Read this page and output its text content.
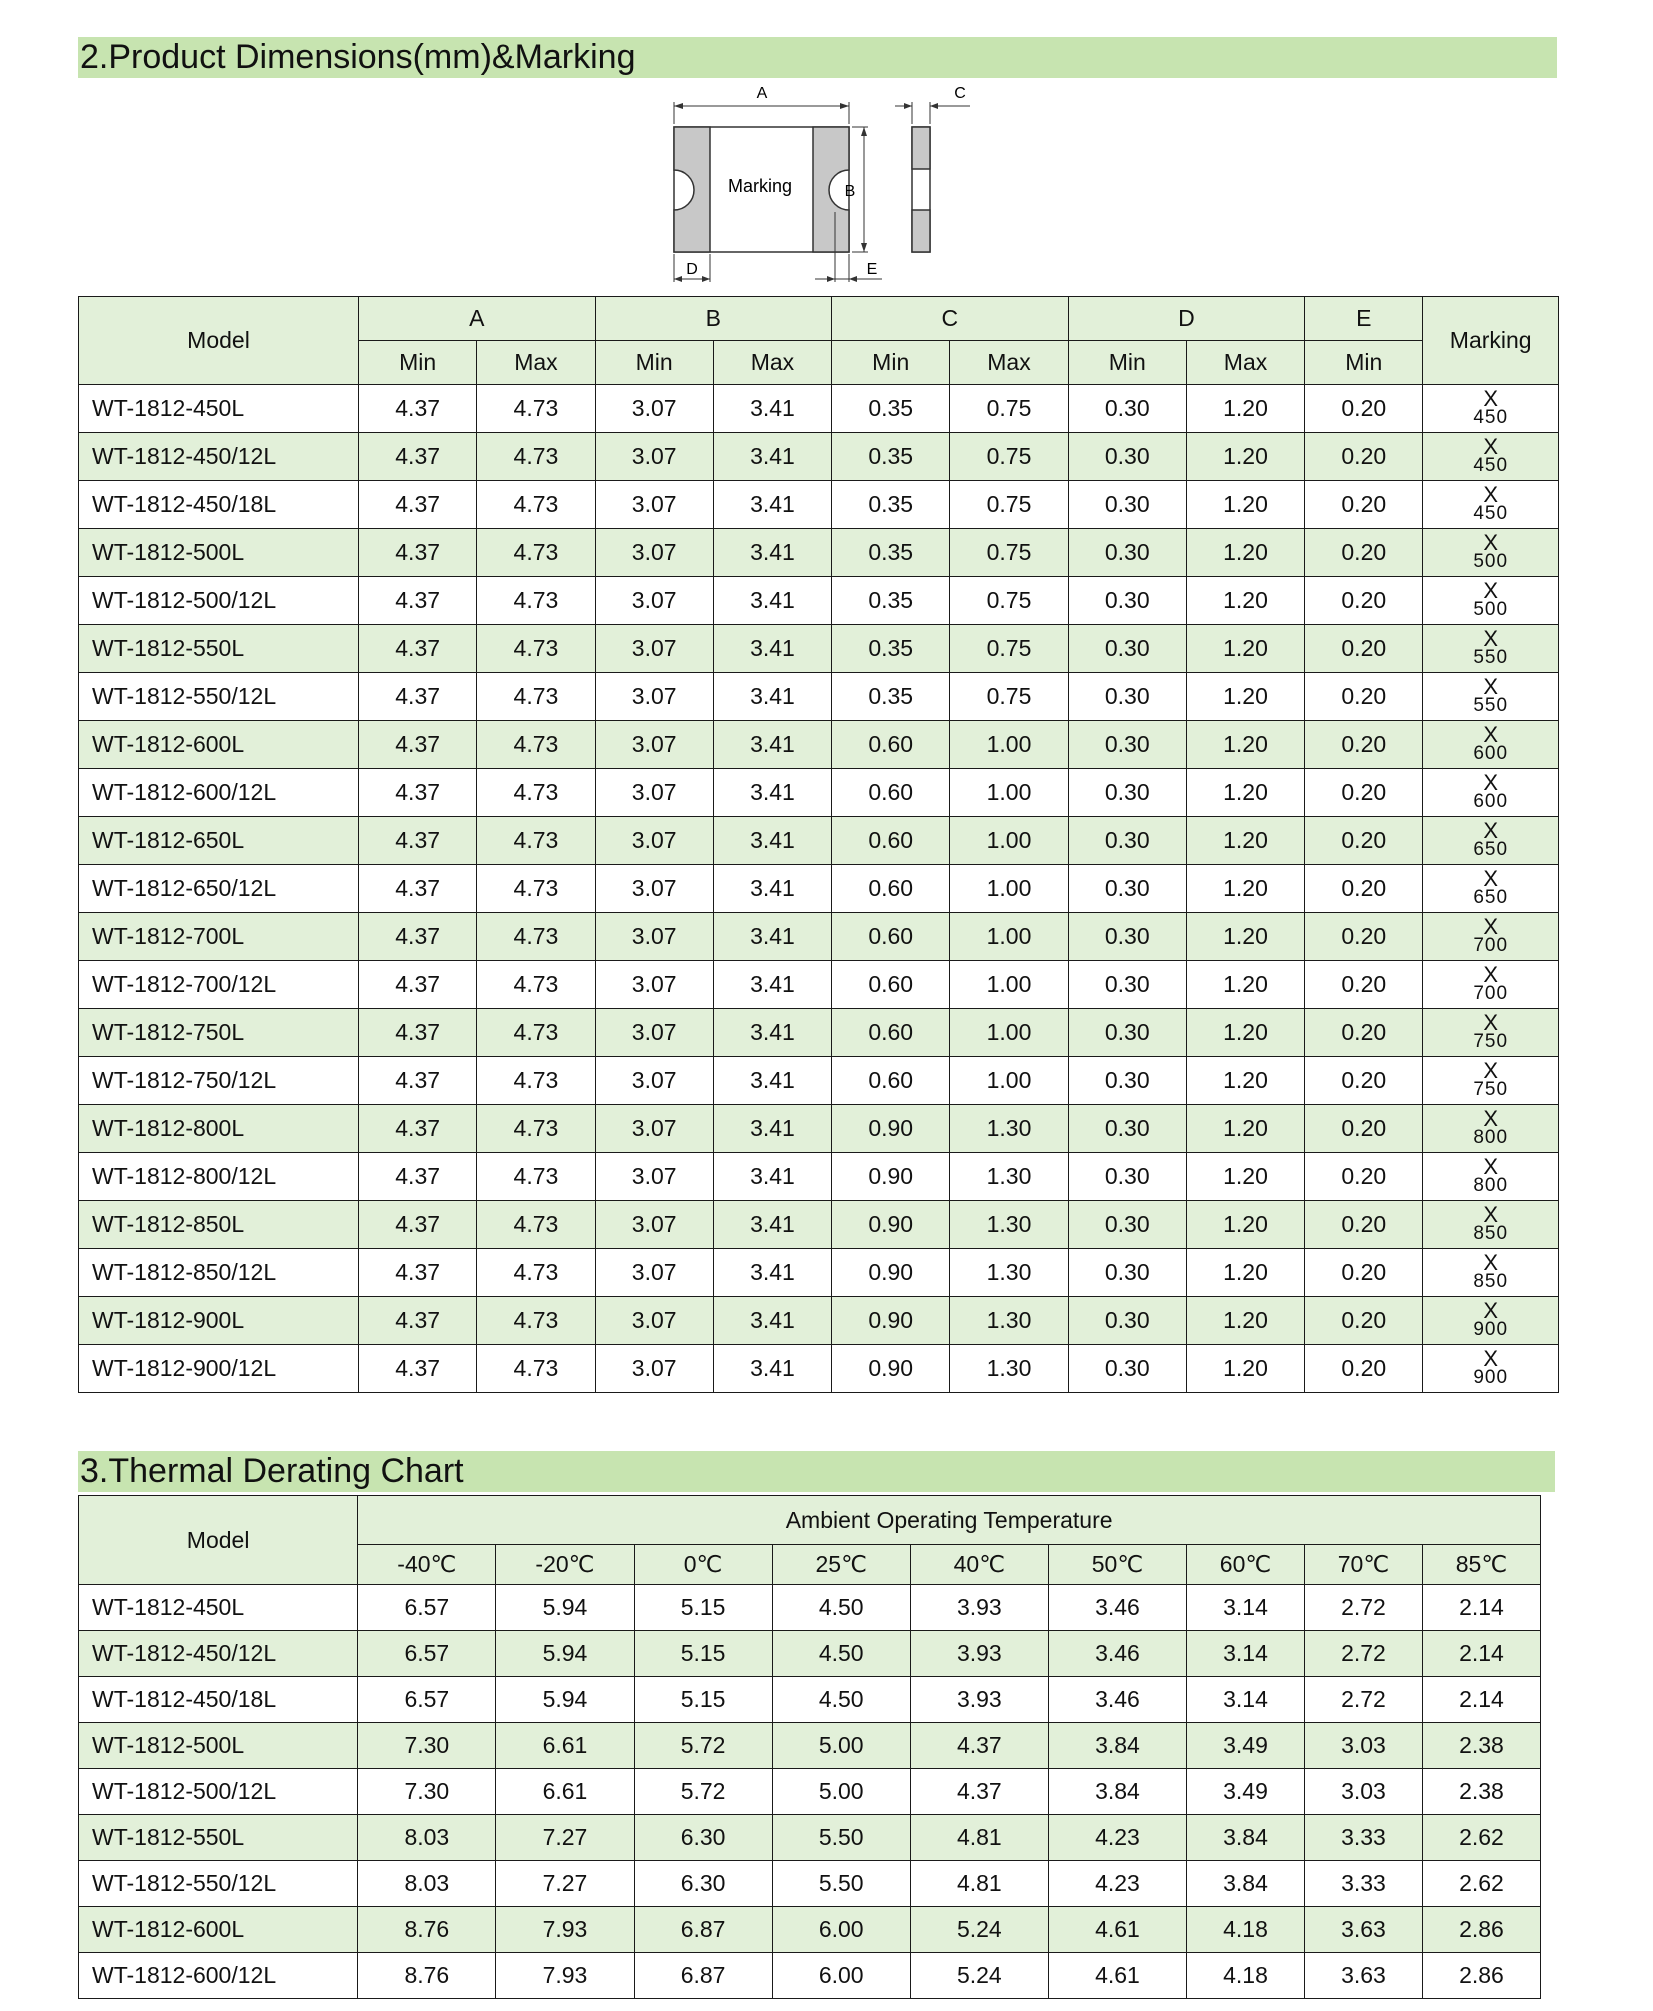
2.Product Dimensions(mm)&Marking
Marking
A
B
D	E
C
Model	A		B		C		D		E	Marking
	Min	Max	Min	Max	Min	Max	Min	Max	Min	
WT-1812-450L	4.37	4.73	3.07	3.41	0.35	0.75	0.30	1.20	0.20	X
450

WT-1812-450/12L	4.37	4.73	3.07	3.41	0.35	0.75	0.30	1.20	0.20	X
450

WT-1812-450/18L	4.37	4.73	3.07	3.41	0.35	0.75	0.30	1.20	0.20	X
450

WT-1812-500L	4.37	4.73	3.07	3.41	0.35	0.75	0.30	1.20	0.20	X
500

WT-1812-500/12L	4.37	4.73	3.07	3.41	0.35	0.75	0.30	1.20	0.20	X
500

WT-1812-550L	4.37	4.73	3.07	3.41	0.35	0.75	0.30	1.20	0.20	X
550

WT-1812-550/12L	4.37	4.73	3.07	3.41	0.35	0.75	0.30	1.20	0.20	X
550

WT-1812-600L	4.37	4.73	3.07	3.41	0.60	1.00	0.30	1.20	0.20	X
600

WT-1812-600/12L	4.37	4.73	3.07	3.41	0.60	1.00	0.30	1.20	0.20	X
600

WT-1812-650L	4.37	4.73	3.07	3.41	0.60	1.00	0.30	1.20	0.20	X
650

WT-1812-650/12L	4.37	4.73	3.07	3.41	0.60	1.00	0.30	1.20	0.20	X
650

WT-1812-700L	4.37	4.73	3.07	3.41	0.60	1.00	0.30	1.20	0.20	X
700

WT-1812-700/12L	4.37	4.73	3.07	3.41	0.60	1.00	0.30	1.20	0.20	X
700

WT-1812-750L	4.37	4.73	3.07	3.41	0.60	1.00	0.30	1.20	0.20	X
750

WT-1812-750/12L	4.37	4.73	3.07	3.41	0.60	1.00	0.30	1.20	0.20	X
750

WT-1812-800L	4.37	4.73	3.07	3.41	0.90	1.30	0.30	1.20	0.20	X
800

WT-1812-800/12L	4.37	4.73	3.07	3.41	0.90	1.30	0.30	1.20	0.20	X
800

WT-1812-850L	4.37	4.73	3.07	3.41	0.90	1.30	0.30	1.20	0.20	X
850

WT-1812-850/12L	4.37	4.73	3.07	3.41	0.90	1.30	0.30	1.20	0.20	X
850

WT-1812-900L	4.37	4.73	3.07	3.41	0.90	1.30	0.30	1.20	0.20	X
900

WT-1812-900/12L	4.37	4.73	3.07	3.41	0.90	1.30	0.30	1.20	0.20	X
900
3.Thermal Derating Chart
Model	Ambient Operating Temperature								
	-40℃	-20℃	0℃	25℃	40℃	50℃	60℃	70℃	85℃
WT-1812-450L	6.57	5.94	5.15	4.50	3.93	3.46	3.14	2.72	2.14
WT-1812-450/12L	6.57	5.94	5.15	4.50	3.93	3.46	3.14	2.72	2.14
WT-1812-450/18L	6.57	5.94	5.15	4.50	3.93	3.46	3.14	2.72	2.14
WT-1812-500L	7.30	6.61	5.72	5.00	4.37	3.84	3.49	3.03	2.38
WT-1812-500/12L	7.30	6.61	5.72	5.00	4.37	3.84	3.49	3.03	2.38
WT-1812-550L	8.03	7.27	6.30	5.50	4.81	4.23	3.84	3.33	2.62
WT-1812-550/12L	8.03	7.27	6.30	5.50	4.81	4.23	3.84	3.33	2.62
WT-1812-600L	8.76	7.93	6.87	6.00	5.24	4.61	4.18	3.63	2.86
WT-1812-600/12L	8.76	7.93	6.87	6.00	5.24	4.61	4.18	3.63	2.86
